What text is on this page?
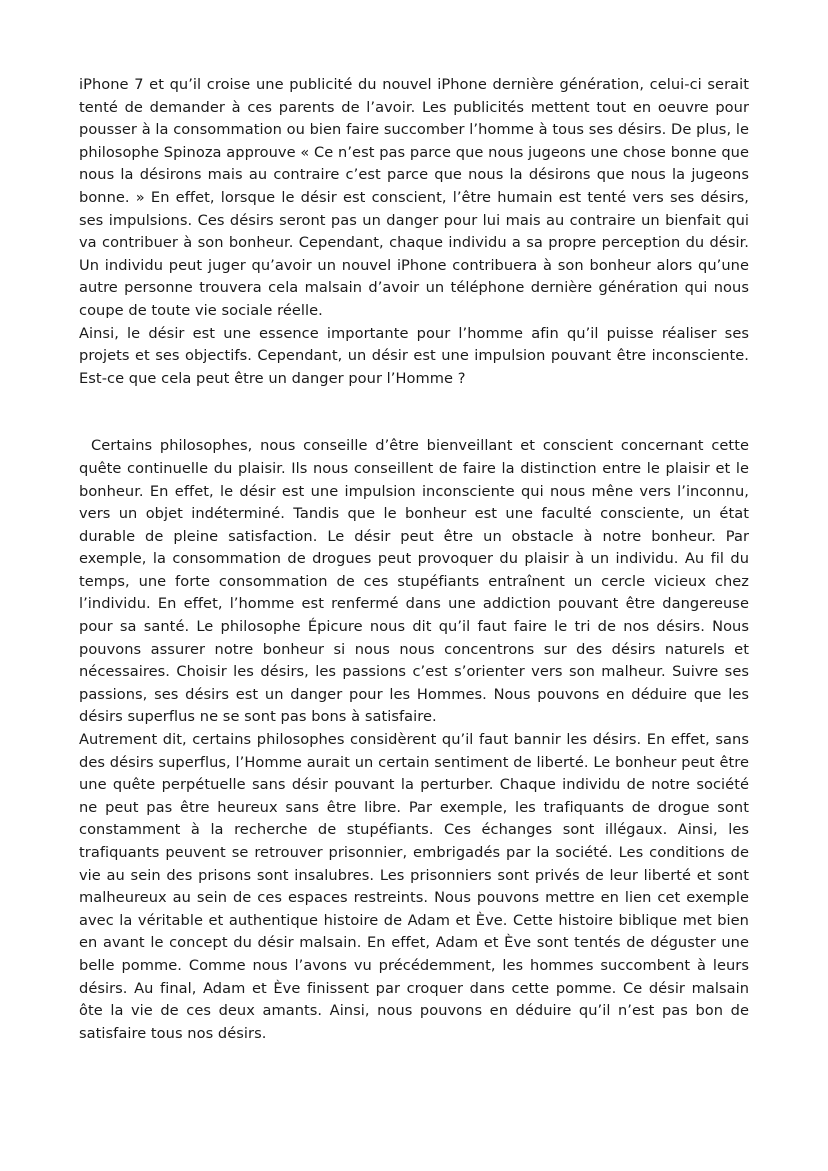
iPhone 7 et qu’il croise une publicité du nouvel iPhone dernière génération, celui-ci serait tenté de demander à ces parents de l’avoir. Les publicités mettent tout en oeuvre pour pousser à la consommation ou bien faire succomber l’homme à tous ses désirs. De plus, le philosophe Spinoza approuve « Ce n’est pas parce que nous jugeons une chose bonne que nous la désirons mais au contraire c’est parce que nous la désirons que nous la jugeons bonne. » En effet, lorsque le désir est conscient, l’être humain est tenté vers ses désirs, ses impulsions. Ces désirs seront pas un danger pour lui mais au contraire un bienfait qui va contribuer à son bonheur. Cependant, chaque individu a sa propre perception du désir. Un individu peut juger qu’avoir un nouvel iPhone contribuera à son bonheur alors qu’une autre personne trouvera cela malsain d’avoir un téléphone dernière génération qui nous coupe de toute vie sociale réelle.

Ainsi, le désir est une essence importante pour l’homme afin qu’il puisse réaliser ses projets et ses objectifs. Cependant, un désir est une impulsion pouvant être inconsciente. Est-ce que cela peut être un danger pour l’Homme ?

Certains philosophes, nous conseille d’être bienveillant et conscient concernant cette quête continuelle du plaisir. Ils nous conseillent de faire la distinction entre le plaisir et le bonheur. En effet, le désir est une impulsion inconsciente qui nous mêne vers l’inconnu, vers un objet indéterminé. Tandis que le bonheur est une faculté consciente, un état durable de pleine satisfaction. Le désir peut être un obstacle à notre bonheur. Par exemple, la consommation de drogues peut provoquer du plaisir à un individu. Au fil du temps, une forte consommation de ces stupéfiants entraînent un cercle vicieux chez l’individu. En effet, l’homme est renfermé dans une addiction pouvant être dangereuse pour sa santé. Le philosophe Épicure nous dit qu’il faut faire le tri de nos désirs. Nous pouvons assurer notre bonheur si nous nous concentrons sur des désirs naturels et nécessaires. Choisir les désirs, les passions c’est s’orienter vers son malheur. Suivre ses passions, ses désirs est un danger pour les Hommes. Nous pouvons en déduire que les désirs superflus ne se sont pas bons à satisfaire.

Autrement dit, certains philosophes considèrent qu’il faut bannir les désirs. En effet, sans des désirs superflus, l’Homme aurait un certain sentiment de liberté. Le bonheur peut être une quête perpétuelle sans désir pouvant la perturber. Chaque individu de notre société ne peut pas être heureux sans être libre. Par exemple, les trafiquants de drogue sont constamment à la recherche de stupéfiants. Ces échanges sont illégaux. Ainsi, les trafiquants peuvent se retrouver prisonnier, embrigadés par la société. Les conditions de vie au sein des prisons sont insalubres. Les prisonniers sont privés de leur liberté et sont malheureux au sein de ces espaces restreints. Nous pouvons mettre en lien cet exemple avec la véritable et authentique histoire de Adam et Ève. Cette histoire biblique met bien en avant le concept du désir malsain. En effet, Adam et Ève sont tentés de déguster une belle pomme. Comme nous l’avons vu précédemment, les hommes succombent à leurs désirs. Au final, Adam et Ève finissent par croquer dans cette pomme. Ce désir malsain ôte la vie de ces deux amants. Ainsi, nous pouvons en déduire qu’il n’est pas bon de satisfaire tous nos désirs.
